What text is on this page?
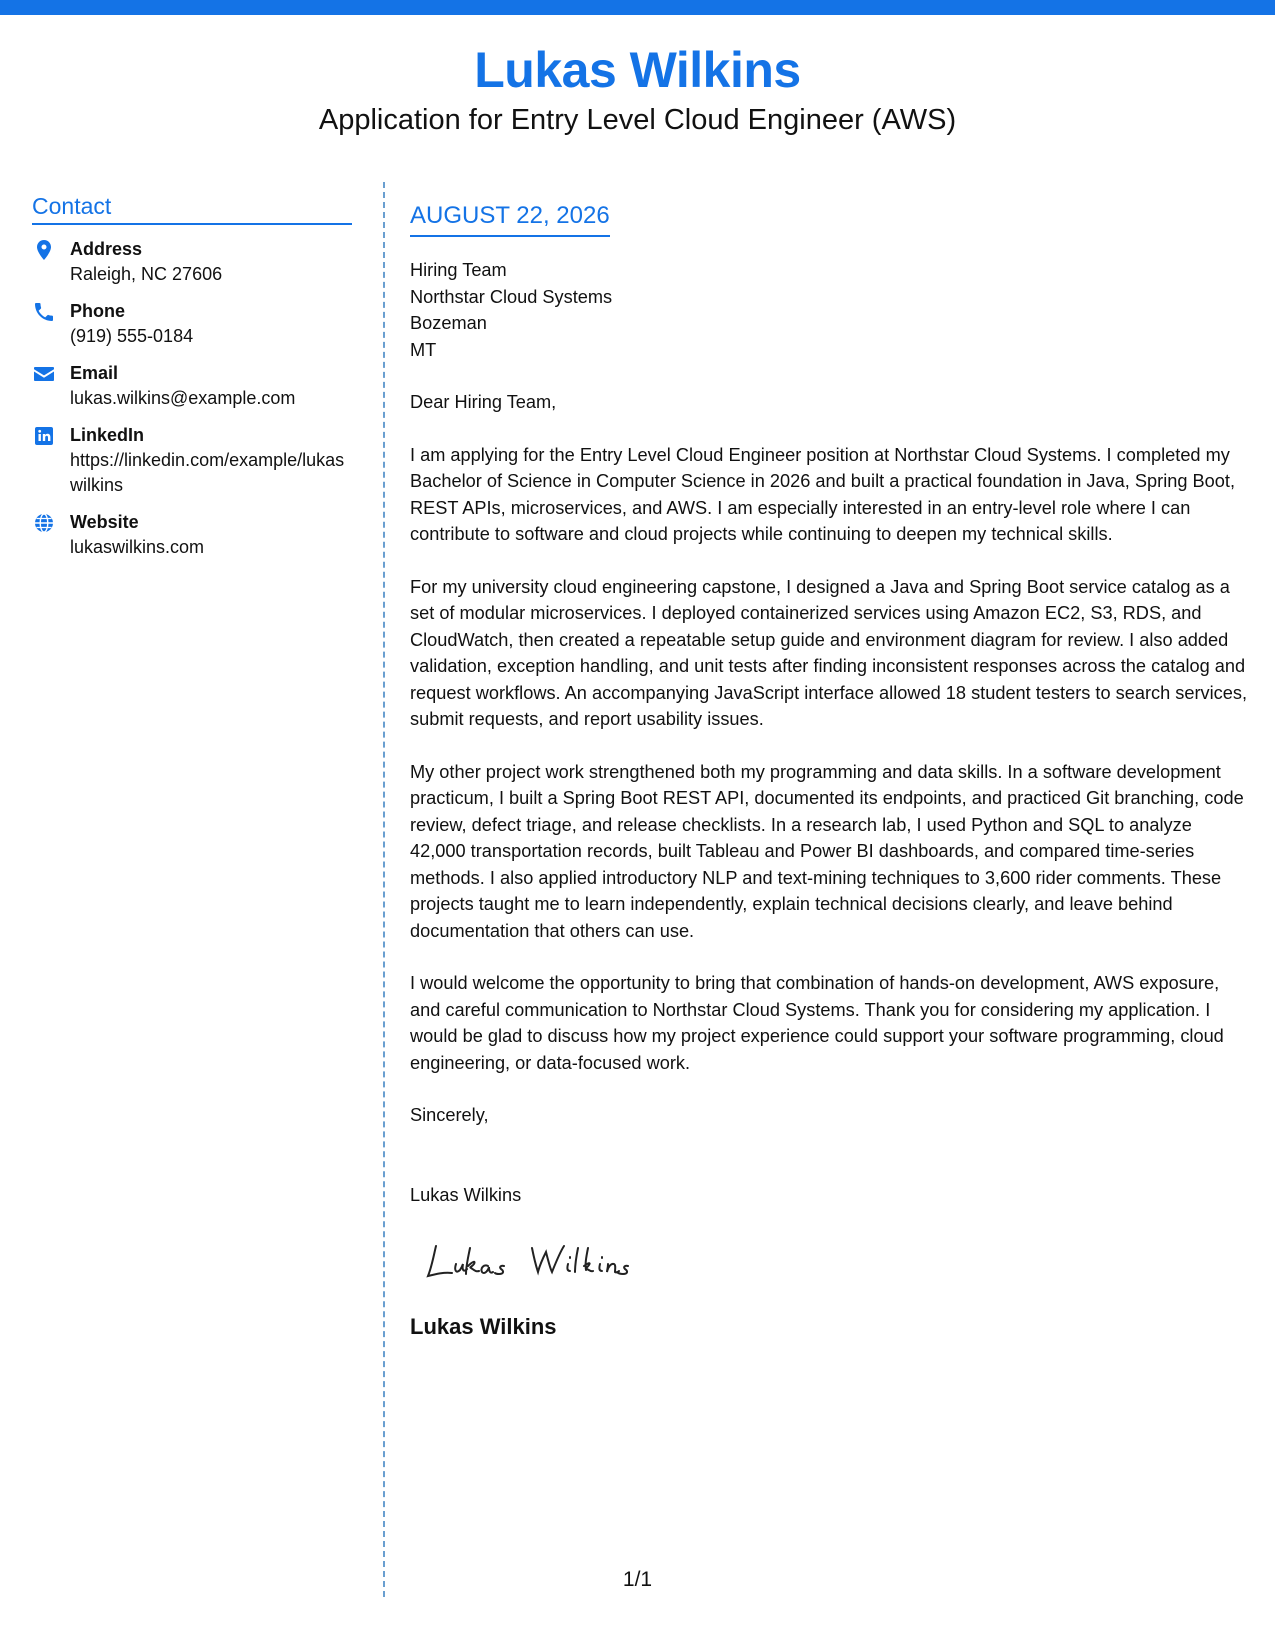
Lukas Wilkins
Application for Entry Level Cloud Engineer (AWS)
Contact
Address
Raleigh, NC 27606
Phone
(919) 555-0184
Email
lukas.wilkins@example.com
LinkedIn
https://linkedin.com/example/lukaswilkins
Website
lukaswilkins.com
AUGUST 22, 2026
Hiring Team
Northstar Cloud Systems
Bozeman
MT
Dear Hiring Team,
I am applying for the Entry Level Cloud Engineer position at Northstar Cloud Systems. I completed my Bachelor of Science in Computer Science in 2026 and built a practical foundation in Java, Spring Boot, REST APIs, microservices, and AWS. I am especially interested in an entry-level role where I can contribute to software and cloud projects while continuing to deepen my technical skills.
For my university cloud engineering capstone, I designed a Java and Spring Boot service catalog as a set of modular microservices. I deployed containerized services using Amazon EC2, S3, RDS, and CloudWatch, then created a repeatable setup guide and environment diagram for review. I also added validation, exception handling, and unit tests after finding inconsistent responses across the catalog and request workflows. An accompanying JavaScript interface allowed 18 student testers to search services, submit requests, and report usability issues.
My other project work strengthened both my programming and data skills. In a software development practicum, I built a Spring Boot REST API, documented its endpoints, and practiced Git branching, code review, defect triage, and release checklists. In a research lab, I used Python and SQL to analyze 42,000 transportation records, built Tableau and Power BI dashboards, and compared time-series methods. I also applied introductory NLP and text-mining techniques to 3,600 rider comments. These projects taught me to learn independently, explain technical decisions clearly, and leave behind documentation that others can use.
I would welcome the opportunity to bring that combination of hands-on development, AWS exposure, and careful communication to Northstar Cloud Systems. Thank you for considering my application. I would be glad to discuss how my project experience could support your software programming, cloud engineering, or data-focused work.
Sincerely,
Lukas Wilkins
Lukas Wilkins
1/1
